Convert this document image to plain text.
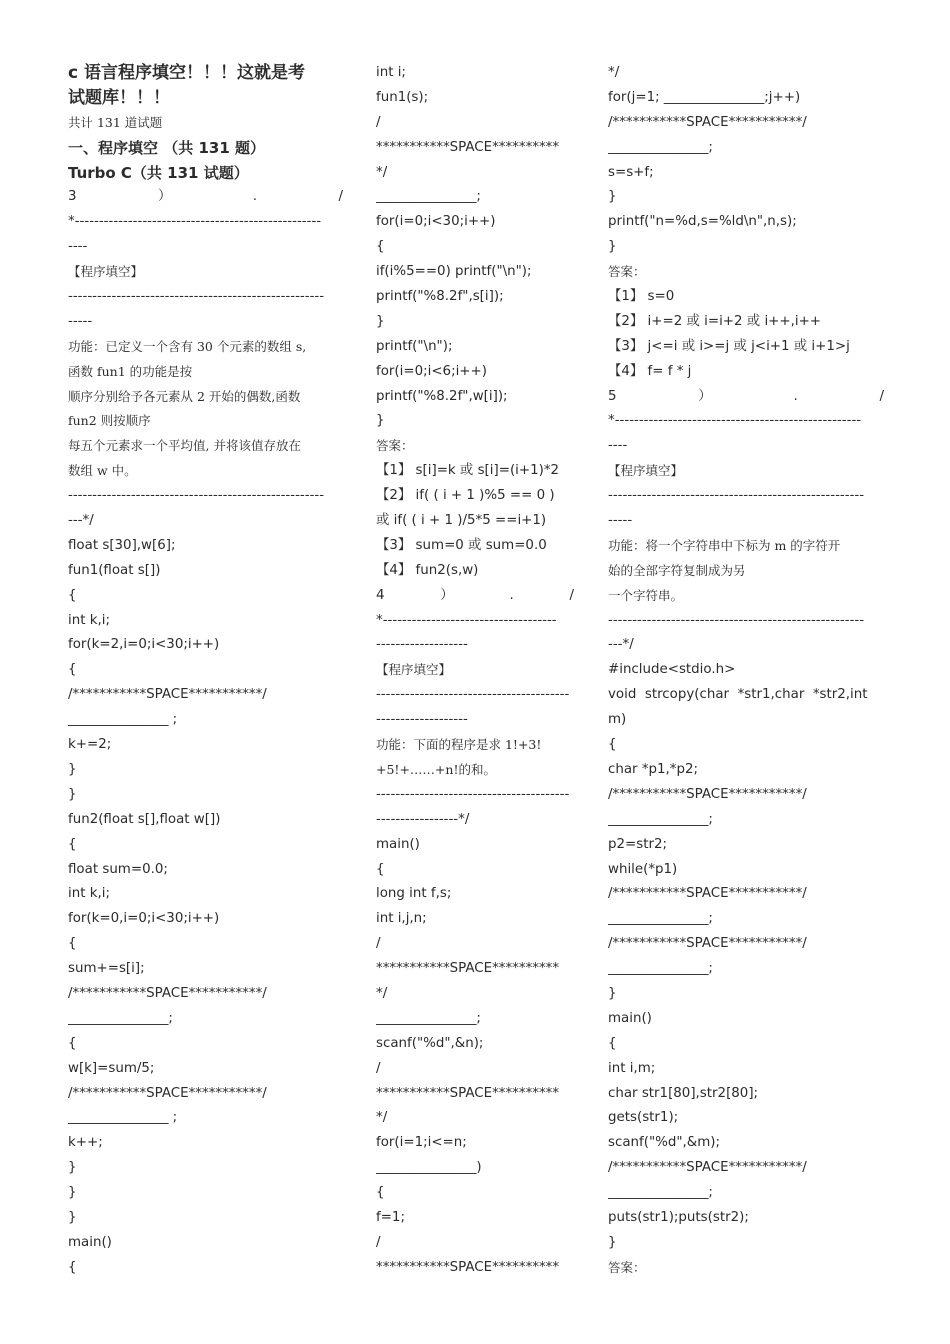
c 语言程序填空！！！这就是考
试题库！！！
共计 131 道试题
一、程序填空 （共 131 题）
Turbo C（共 131 试题）
3	）	.	/
*---------------------------------------------------
----
【程序填空】
-----------------------------------------------------
-----
功能：已定义一个含有 30 个元素的数组 s,
函数 fun1 的功能是按
顺序分别给予各元素从 2 开始的偶数,函数
fun2 则按顺序
每五个元素求一个平均值, 并将该值存放在
数组 w 中。
-----------------------------------------------------
---*/
float s[30],w[6];
fun1(float s[])
{
int k,i;
for(k=2,i=0;i<30;i++)
{
/***********SPACE***********/
_______________ ;
k+=2;
}
}
fun2(float s[],float w[])
{
float sum=0.0;
int k,i;
for(k=0,i=0;i<30;i++)
{
sum+=s[i];
/***********SPACE***********/
_______________;
{
w[k]=sum/5;
/***********SPACE***********/
_______________ ;
k++;
}
}
}
main()
{
int i;
fun1(s);
/
***********SPACE**********
*/
_______________;
for(i=0;i<30;i++)
{
if(i%5==0) printf("\n");
printf("%8.2f",s[i]);
}
printf("\n");
for(i=0;i<6;i++)
printf("%8.2f",w[i]);
}
答案：
【1】 s[i]=k 或 s[i]=(i+1)*2
【2】 if( ( i + 1 )%5 == 0 )
或 if( ( i + 1 )/5*5 ==i+1)
【3】 sum=0 或 sum=0.0
【4】 fun2(s,w)
4	）	.	/
*------------------------------------
-------------------
【程序填空】
----------------------------------------
-------------------
功能：下面的程序是求 1!+3!
+5!+……+n!的和。
----------------------------------------
-----------------*/
main()
{
long int f,s;
int i,j,n;
/
***********SPACE**********
*/
_______________;
scanf("%d",&n);
/
***********SPACE**********
*/
for(i=1;i<=n;
_______________)
{
f=1;
/
***********SPACE**********
*/
for(j=1; _______________;j++)
/***********SPACE***********/
_______________;
s=s+f;
}
printf("n=%d,s=%ld\n",n,s);
}
答案：
【1】 s=0
【2】 i+=2 或 i=i+2 或 i++,i++
【3】 j<=i 或 i>=j 或 j<i+1 或 i+1>j
【4】 f= f * j
5	）	.	/
*---------------------------------------------------
----
【程序填空】
-----------------------------------------------------
-----
功能：将一个字符串中下标为 m 的字符开
始的全部字符复制成为另
一个字符串。
-----------------------------------------------------
---*/
#include<stdio.h>
void  strcopy(char  *str1,char  *str2,int
m)
{
char *p1,*p2;
/***********SPACE***********/
_______________;
p2=str2;
while(*p1)
/***********SPACE***********/
_______________;
/***********SPACE***********/
_______________;
}
main()
{
int i,m;
char str1[80],str2[80];
gets(str1);
scanf("%d",&m);
/***********SPACE***********/
_______________;
puts(str1);puts(str2);
}
答案：
